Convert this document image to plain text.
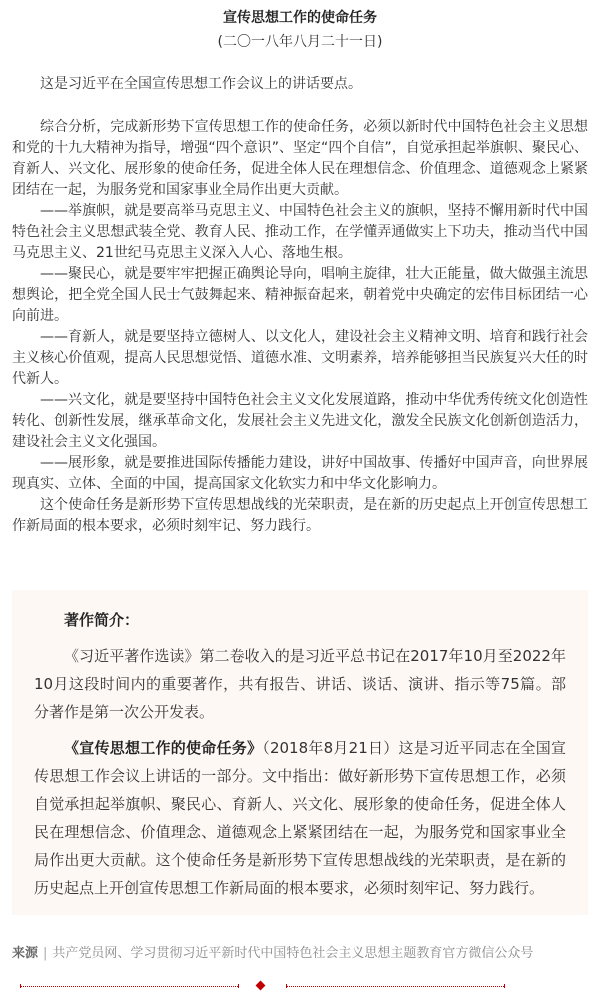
宣传思想工作的使命任务
(二〇一八年八月二十一日)
这是习近平在全国宣传思想工作会议上的讲话要点。

综合分析，完成新形势下宣传思想工作的使命任务，必须以新时代中国特色社会主义思想和党的十九大精神为指导，增强“四个意识”、坚定“四个自信”，自觉承担起举旗帜、聚民心、育新人、兴文化、展形象的使命任务，促进全体人民在理想信念、价值理念、道德观念上紧紧团结在一起，为服务党和国家事业全局作出更大贡献。

——举旗帜，就是要高举马克思主义、中国特色社会主义的旗帜，坚持不懈用新时代中国特色社会主义思想武装全党、教育人民、推动工作，在学懂弄通做实上下功夫，推动当代中国马克思主义、21世纪马克思主义深入人心、落地生根。

——聚民心，就是要牢牢把握正确舆论导向，唱响主旋律，壮大正能量，做大做强主流思想舆论，把全党全国人民士气鼓舞起来、精神振奋起来，朝着党中央确定的宏伟目标团结一心向前进。

——育新人，就是要坚持立德树人、以文化人，建设社会主义精神文明、培育和践行社会主义核心价值观，提高人民思想觉悟、道德水准、文明素养，培养能够担当民族复兴大任的时代新人。

——兴文化，就是要坚持中国特色社会主义文化发展道路，推动中华优秀传统文化创造性转化、创新性发展，继承革命文化，发展社会主义先进文化，激发全民族文化创新创造活力，建设社会主义文化强国。

——展形象，就是要推进国际传播能力建设，讲好中国故事、传播好中国声音，向世界展现真实、立体、全面的中国，提高国家文化软实力和中华文化影响力。

这个使命任务是新形势下宣传思想战线的光荣职责，是在新的历史起点上开创宣传思想工作新局面的根本要求，必须时刻牢记、努力践行。

著作简介：

《习近平著作选读》第二卷收入的是习近平总书记在2017年10月至2022年10月这段时间内的重要著作，共有报告、讲话、谈话、演讲、指示等75篇。部分著作是第一次公开发表。

《宣传思想工作的使命任务》（2018年8月21日）这是习近平同志在全国宣传思想工作会议上讲话的一部分。文中指出：做好新形势下宣传思想工作，必须自觉承担起举旗帜、聚民心、育新人、兴文化、展形象的使命任务，促进全体人民在理想信念、价值理念、道德观念上紧紧团结在一起，为服务党和国家事业全局作出更大贡献。这个使命任务是新形势下宣传思想战线的光荣职责，是在新的历史起点上开创宣传思想工作新局面的根本要求，必须时刻牢记、努力践行。

来源 | 共产党员网、学习贯彻习近平新时代中国特色社会主义思想主题教育官方微信公众号
